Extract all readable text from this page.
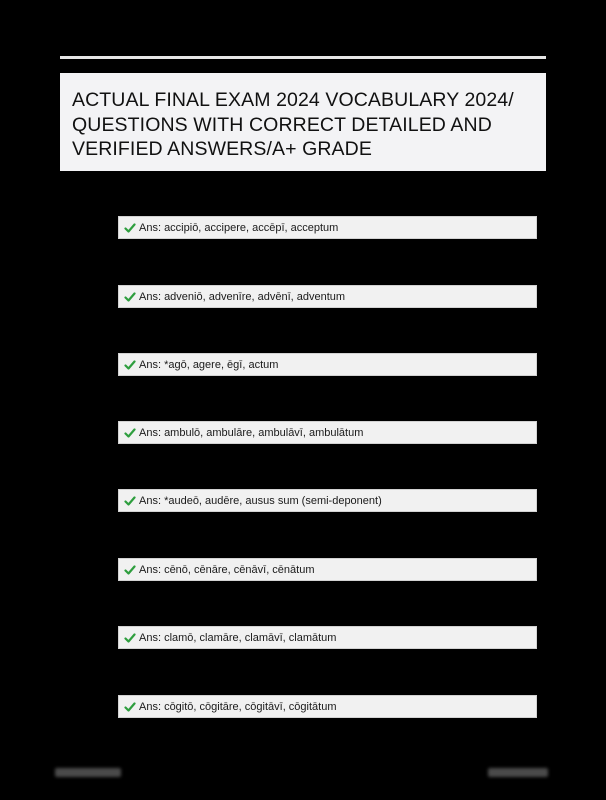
ACTUAL FINAL EXAM 2024 VOCABULARY 2024/
QUESTIONS WITH CORRECT DETAILED AND
VERIFIED ANSWERS/A+ GRADE
Ans: accipiō, accipere, accēpī, acceptum
Ans: adveniō, advenīre, advēnī, adventum
Ans: *agō, agere, ēgī, actum
Ans: ambulō, ambulāre, ambulāvī, ambulātum
Ans: *audeō, audēre, ausus sum (semi-deponent)
Ans: cēnō, cēnāre, cēnāvī, cēnātum
Ans: clamō, clamāre, clamāvī, clamātum
Ans: cōgitō, cōgitāre, cōgitāvī, cōgitātum
